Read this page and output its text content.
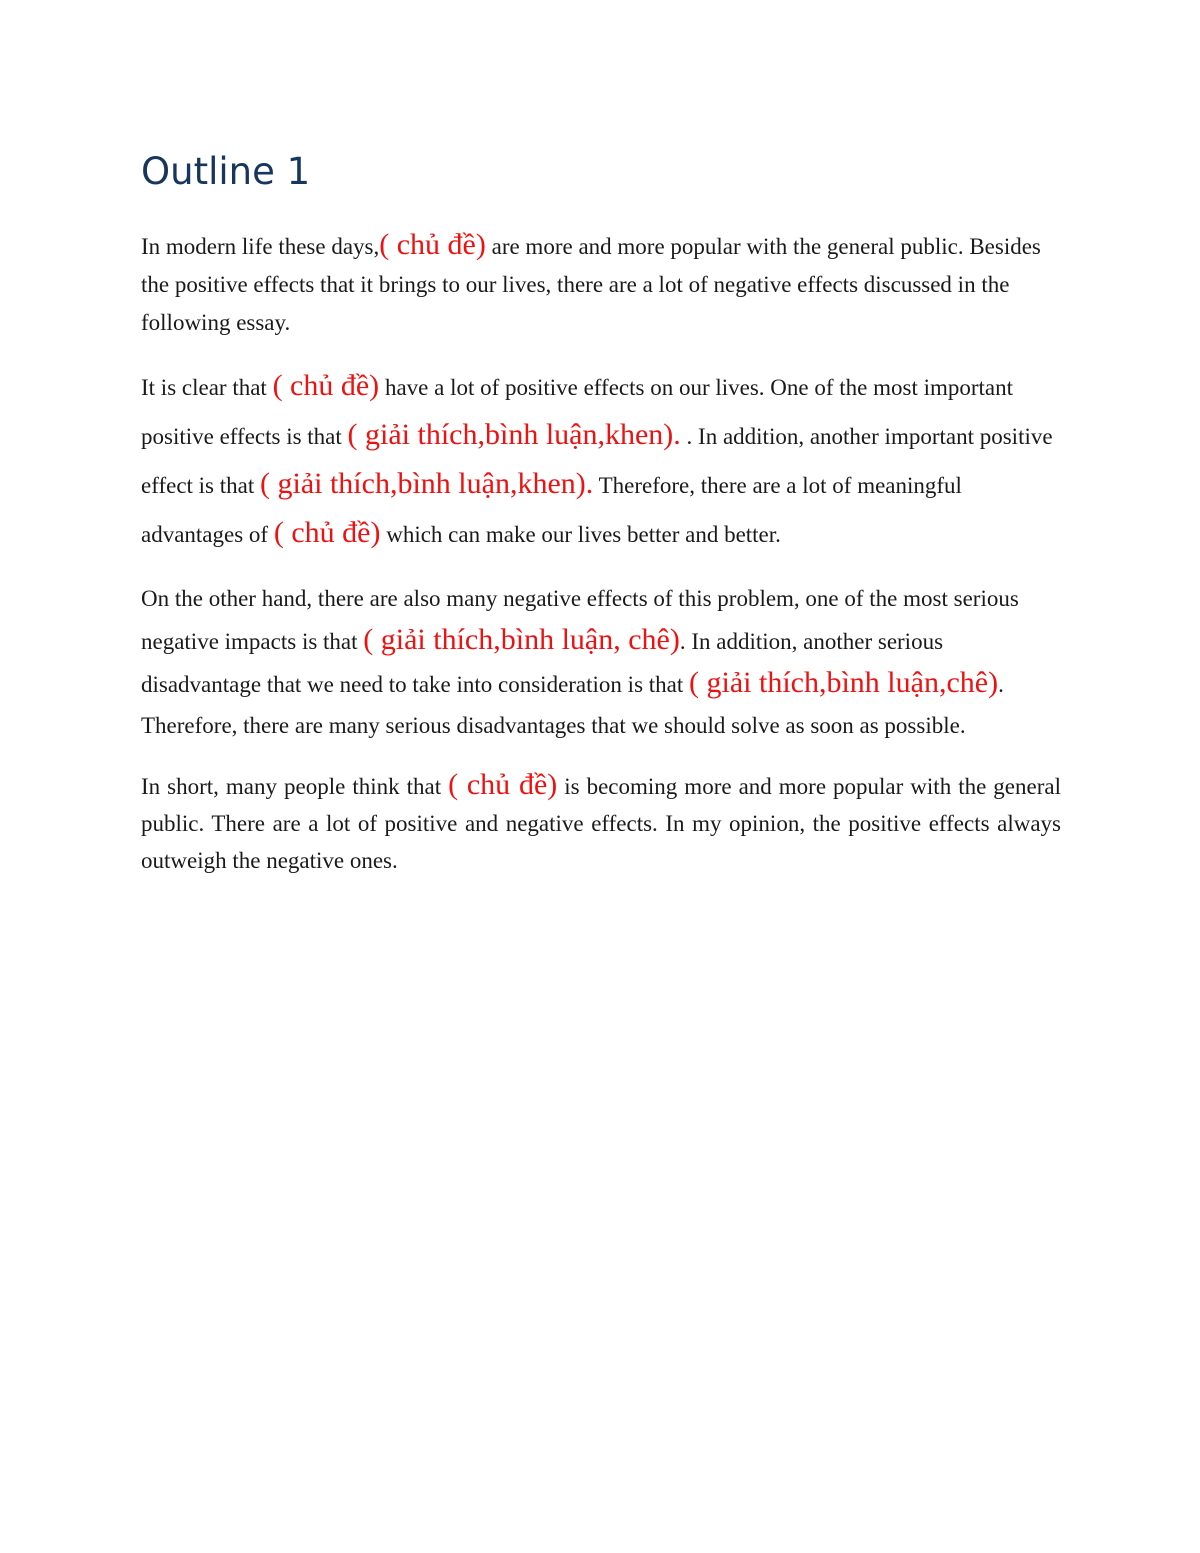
Outline 1

In modern life these days,( chủ đề) are more and more popular with the general public. Besides the positive effects that it brings to our lives, there are a lot of negative effects discussed in the following essay.

It is clear that ( chủ đề) have a lot of positive effects on our lives. One of the most important positive effects is that ( giải thích,bình luận,khen). . In addition, another important positive effect is that ( giải thích,bình luận,khen). Therefore, there are a lot of meaningful advantages of ( chủ đề) which can make our lives better and better.

On the other hand, there are also many negative effects of this problem, one of the most serious negative impacts is that ( giải thích,bình luận, chê). In addition, another serious disadvantage that we need to take into consideration is that ( giải thích,bình luận,chê). Therefore, there are many serious disadvantages that we should solve as soon as possible.

In short, many people think that ( chủ đề) is becoming more and more popular with the general public. There are a lot of positive and negative effects. In my opinion, the positive effects always outweigh the negative ones.
